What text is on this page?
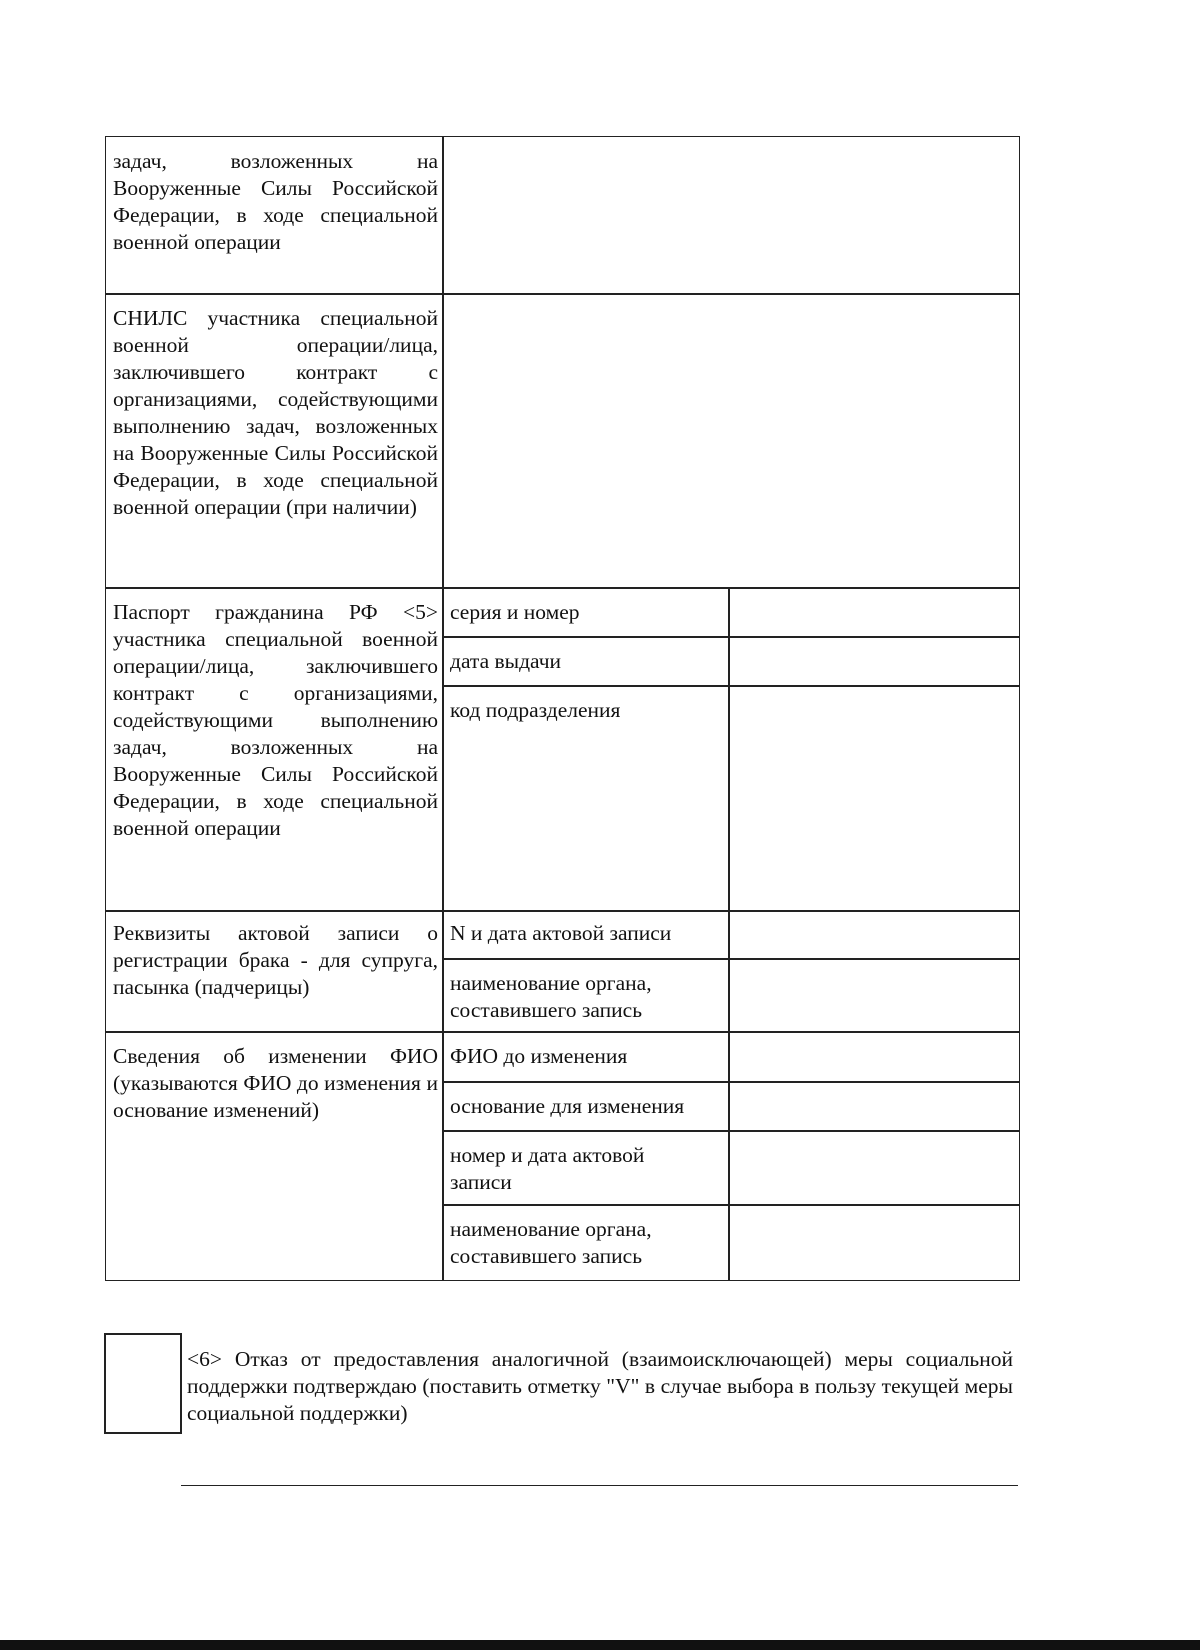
задач, возложенных на Вооруженные Силы Российской Федерации, в ходе специальной военной операции
СНИЛС участника специальной военной операции/лица, заключившего контракт с организациями, содействующими выполнению задач, возложенных на Вооруженные Силы Российской Федерации, в ходе специальной военной операции (при наличии)
Паспорт гражданина РФ <5> участника специальной военной операции/лица, заключившего контракт с организациями, содействующими выполнению задач, возложенных на Вооруженные Силы Российской Федерации, в ходе специальной военной операции
серия и номер
дата выдачи
код подразделения
Реквизиты актовой записи о регистрации брака - для супруга, пасынка (падчерицы)
N и дата актовой записи
наименование органа, составившего запись
Сведения об изменении ФИО (указываются ФИО до изменения и основание изменений)
ФИО до изменения
основание для изменения
номер и дата актовой записи
наименование органа, составившего запись
<6> Отказ от предоставления аналогичной (взаимоисключающей) меры социальной поддержки подтверждаю (поставить отметку "V" в случае выбора в пользу текущей меры социальной поддержки)
